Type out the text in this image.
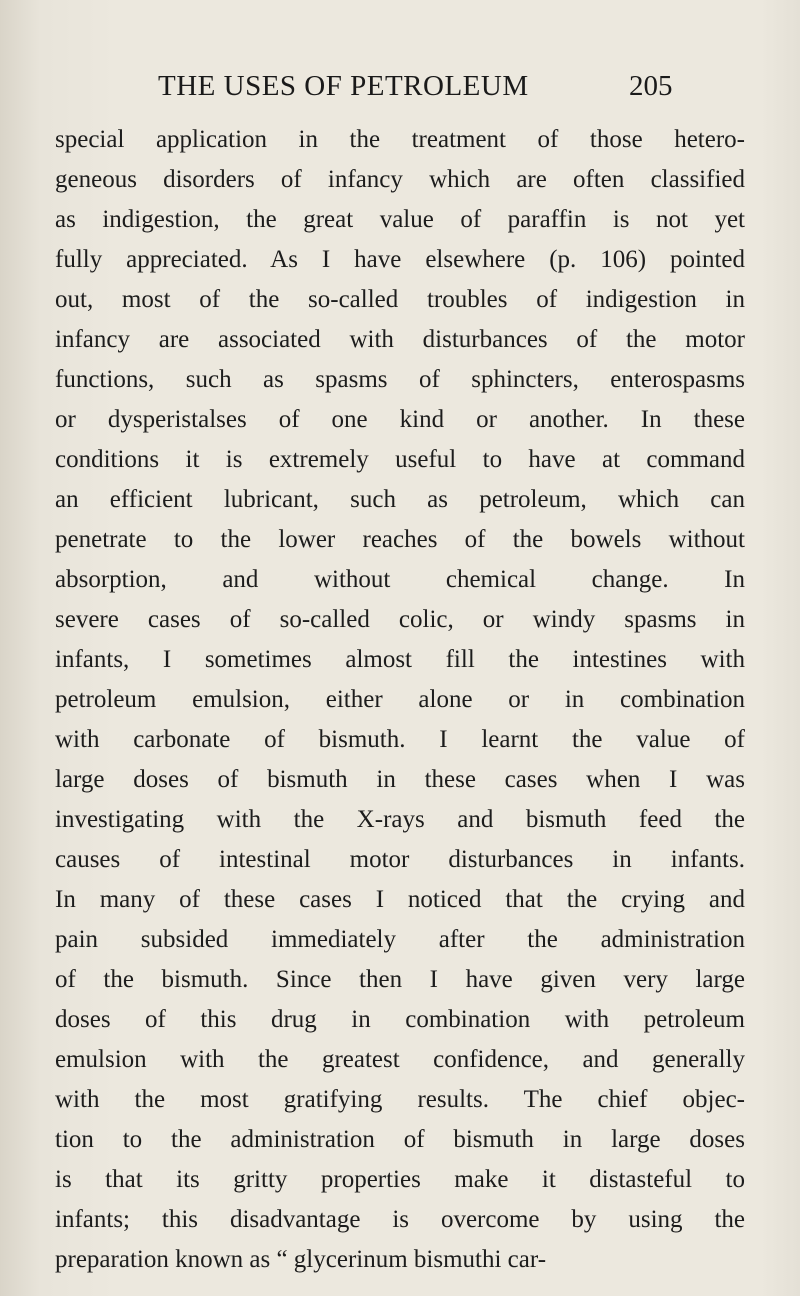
THE USES OF PETROLEUM	205
special application in the treatment of those hetero-
geneous disorders of infancy which are often classified
as indigestion, the great value of paraffin is not yet
fully appreciated. As I have elsewhere (p. 106) pointed
out, most of the so-called troubles of indigestion in
infancy are associated with disturbances of the motor
functions, such as spasms of sphincters, enterospasms
or dysperistalses of one kind or another. In these
conditions it is extremely useful to have at command
an efficient lubricant, such as petroleum, which can
penetrate to the lower reaches of the bowels without
absorption, and without chemical change. In
severe cases of so-called colic, or windy spasms in
infants, I sometimes almost fill the intestines with
petroleum emulsion, either alone or in combination
with carbonate of bismuth. I learnt the value of
large doses of bismuth in these cases when I was
investigating with the X-rays and bismuth feed the
causes of intestinal motor disturbances in infants.
In many of these cases I noticed that the crying and
pain subsided immediately after the administration
of the bismuth. Since then I have given very large
doses of this drug in combination with petroleum
emulsion with the greatest confidence, and generally
with the most gratifying results. The chief objec-
tion to the administration of bismuth in large doses
is that its gritty properties make it distasteful to
infants; this disadvantage is overcome by using the
preparation known as “ glycerinum bismuthi car-
